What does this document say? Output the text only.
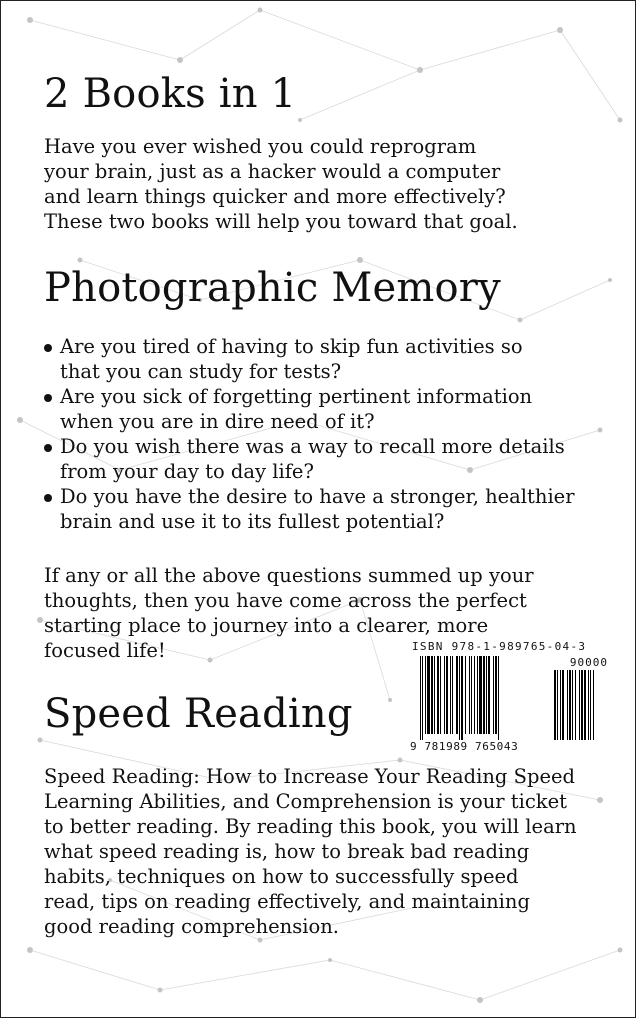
2 Books in 1
Have you ever wished you could reprogram
your brain, just as a hacker would a computer
and learn things quicker and more effectively?
These two books will help you toward that goal.
Photographic Memory
Are you tired of having to skip fun activities so
that you can study for tests?
Are you sick of forgetting pertinent information
when you are in dire need of it?
Do you wish there was a way to recall more details
from your day to day life?
Do you have the desire to have a stronger, healthier
brain and use it to its fullest potential?
If any or all the above questions summed up your
thoughts, then you have come across the perfect
starting place to journey into a clearer, more
focused life!
Speed Reading
Speed Reading: How to Increase Your Reading Speed
Learning Abilities, and Comprehension is your ticket
to better reading. By reading this book, you will learn
what speed reading is, how to break bad reading
habits, techniques on how to successfully speed
read, tips on reading effectively, and maintaining
good reading comprehension.
ISBN 978-1-989765-04-3
90000
9 781989 765043
